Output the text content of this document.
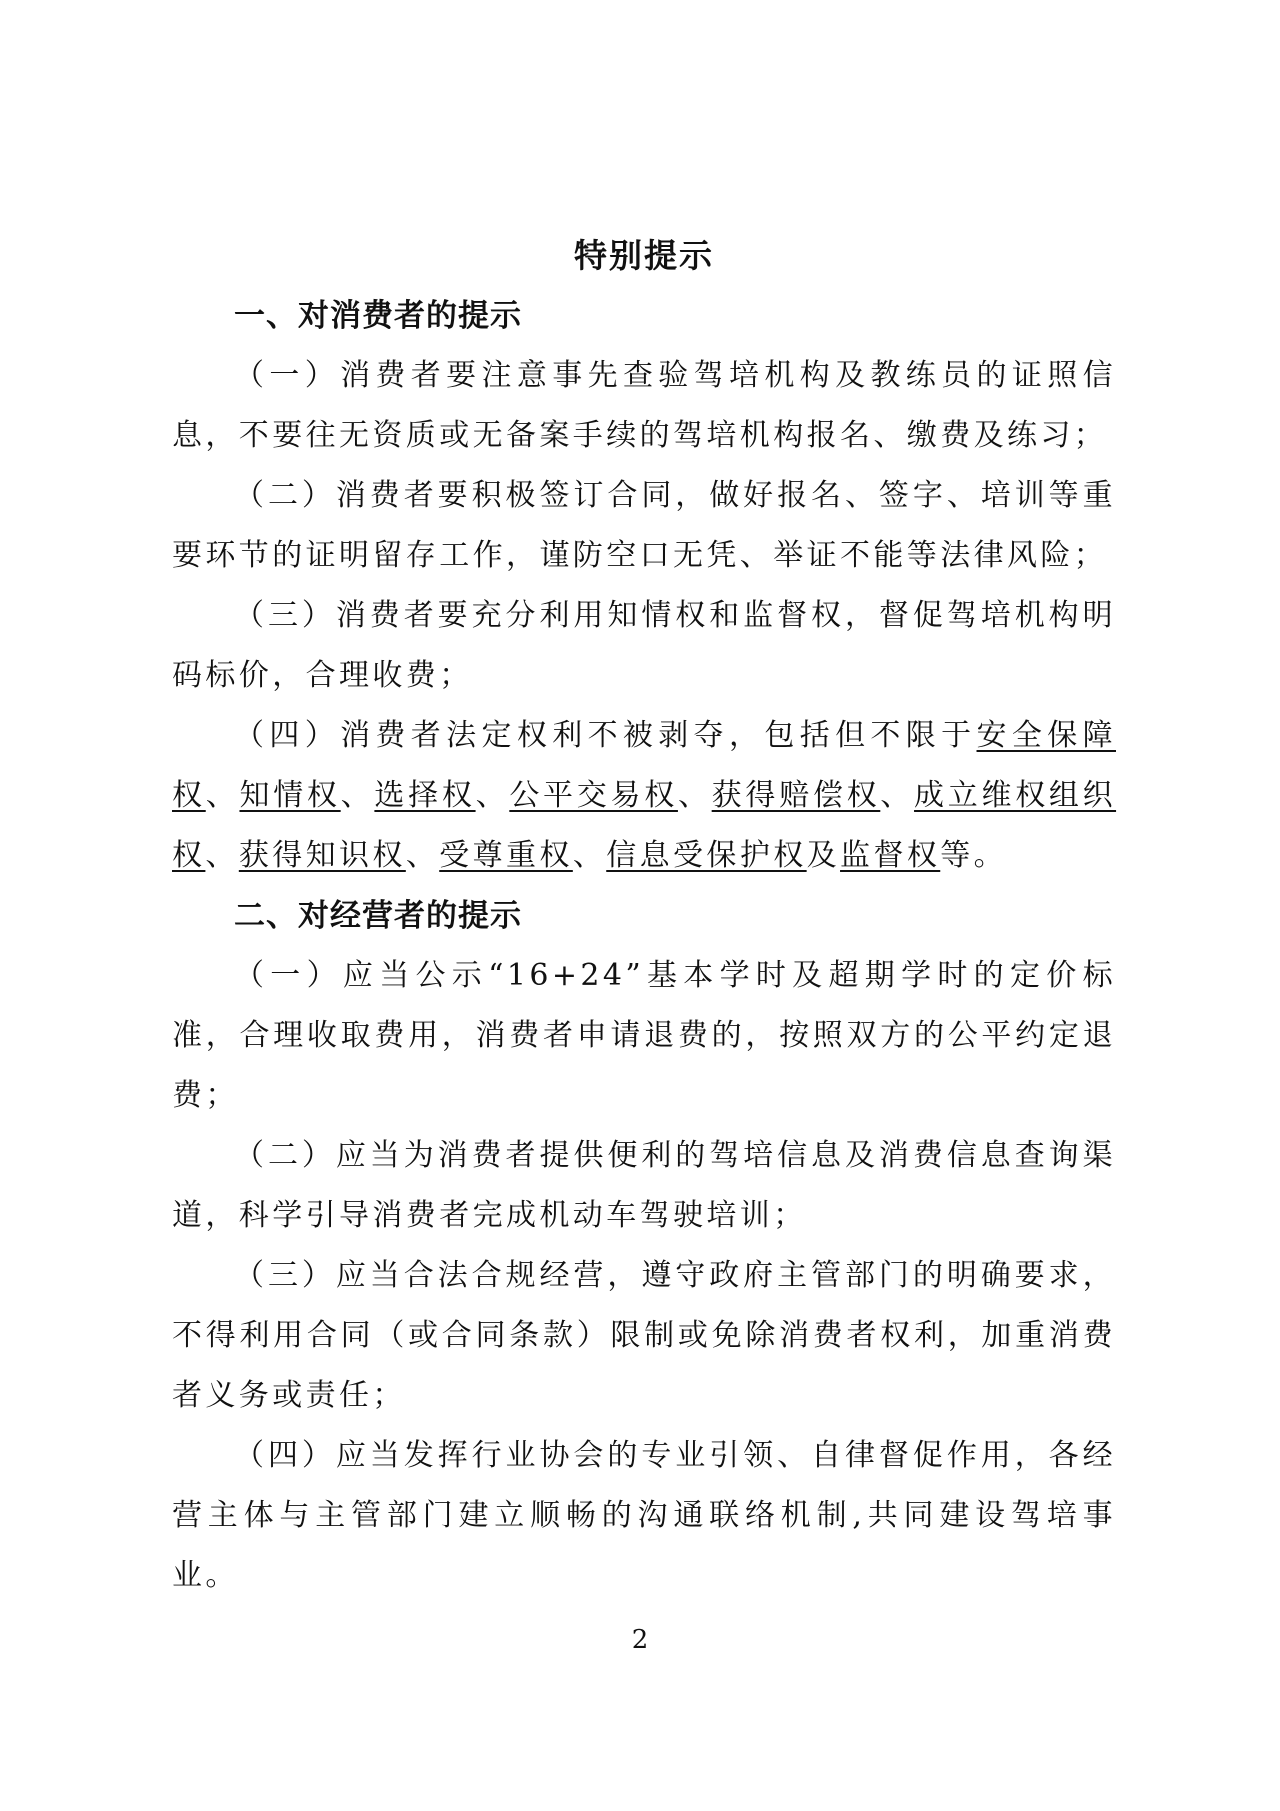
特别提示
一、对消费者的提示

（一）消费者要注意事先查验驾培机构及教练员的证照信息，不要往无资质或无备案手续的驾培机构报名、缴费及练习；

（二）消费者要积极签订合同，做好报名、签字、培训等重要环节的证明留存工作，谨防空口无凭、举证不能等法律风险；

（三）消费者要充分利用知情权和监督权，督促驾培机构明码标价，合理收费；

（四）消费者法定权利不被剥夺，包括但不限于安全保障权、知情权、选择权、公平交易权、获得赔偿权、成立维权组织权、获得知识权、受尊重权、信息受保护权及监督权等。

二、对经营者的提示

（一）应当公示“16+24”基本学时及超期学时的定价标准，合理收取费用，消费者申请退费的，按照双方的公平约定退费；

（二）应当为消费者提供便利的驾培信息及消费信息查询渠道，科学引导消费者完成机动车驾驶培训；

（三）应当合法合规经营，遵守政府主管部门的明确要求，不得利用合同（或合同条款）限制或免除消费者权利，加重消费者义务或责任；

（四）应当发挥行业协会的专业引领、自律督促作用，各经营主体与主管部门建立顺畅的沟通联络机制,共同建设驾培事业。

2
